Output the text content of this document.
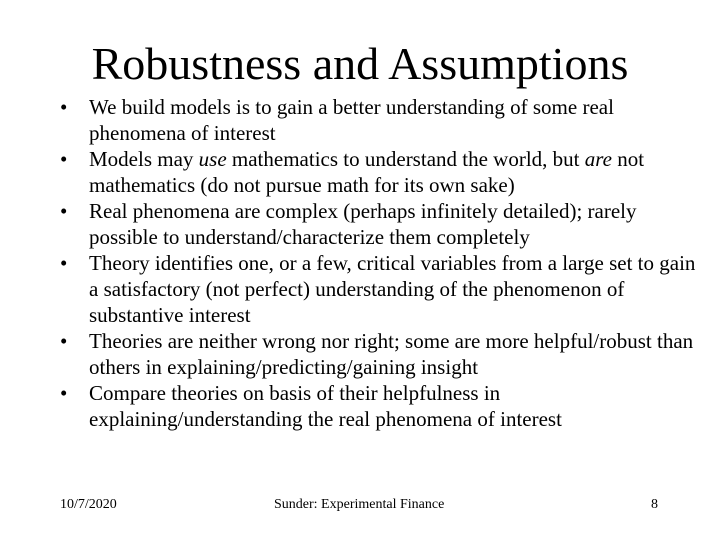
Robustness and Assumptions
•	We build models is to gain a better understanding of some real phenomena of interest
•	Models may use mathematics to understand the world, but are not mathematics (do not pursue math for its own sake)
•	Real phenomena are complex (perhaps infinitely detailed); rarely possible to understand/characterize them completely
•	Theory identifies one, or a few, critical variables from a large set to gain a satisfactory (not perfect) understanding of the phenomenon of substantive interest
•	Theories are neither wrong nor right; some are more helpful/robust than others in explaining/predicting/gaining insight
•	Compare theories on basis of their helpfulness in explaining/understanding the real phenomena of interest
10/7/2020	Sunder: Experimental Finance	8
